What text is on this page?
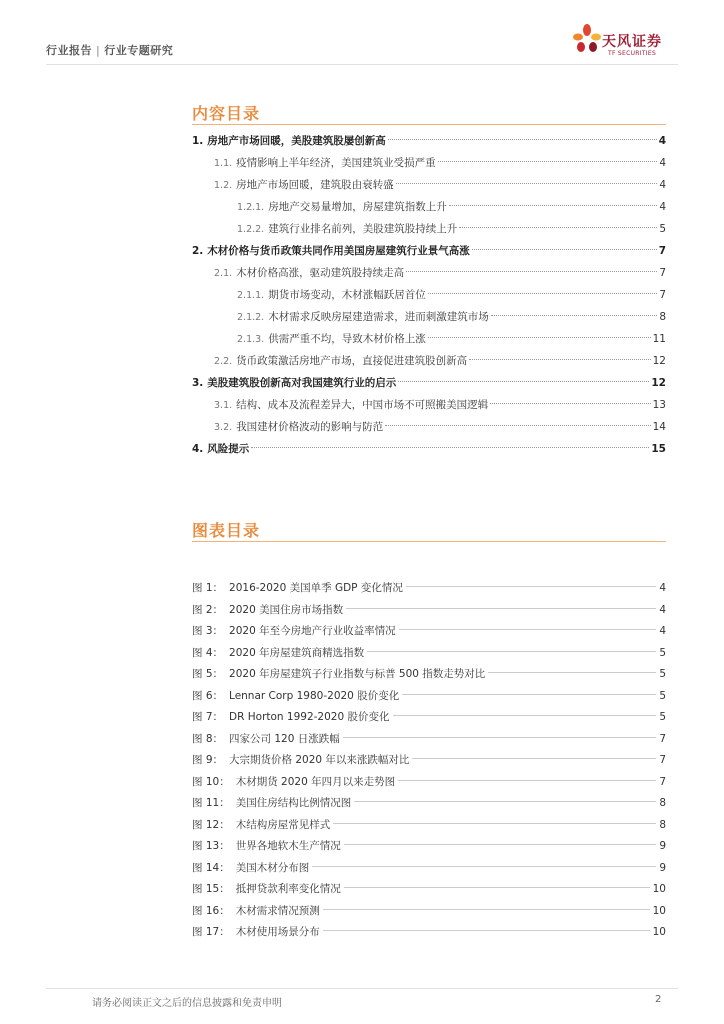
行业报告 | 行业专题研究
天风证券
TF SECURITIES
内容目录
1. 房地产市场回暖，美股建筑股屡创新高	4
1.1. 疫情影响上半年经济，美国建筑业受损严重	4
1.2. 房地产市场回暖，建筑股由衰转盛	4
1.2.1. 房地产交易量增加，房屋建筑指数上升	4
1.2.2. 建筑行业排名前列，美股建筑股持续上升	5
2. 木材价格与货币政策共同作用美国房屋建筑行业景气高涨	7
2.1. 木材价格高涨，驱动建筑股持续走高	7
2.1.1. 期货市场变动，木材涨幅跃居首位	7
2.1.2. 木材需求反映房屋建造需求，进而刺激建筑市场	8
2.1.3. 供需严重不均，导致木材价格上涨	11
2.2. 货币政策激活房地产市场，直接促进建筑股创新高	12
3. 美股建筑股创新高对我国建筑行业的启示	12
3.1. 结构、成本及流程差异大，中国市场不可照搬美国逻辑	13
3.2. 我国建材价格波动的影响与防范	14
4. 风险提示	15
图表目录
图 1： 2016-2020 美国单季 GDP 变化情况	4
图 2： 2020 美国住房市场指数	4
图 3： 2020 年至今房地产行业收益率情况	4
图 4： 2020 年房屋建筑商精选指数	5
图 5： 2020 年房屋建筑子行业指数与标普 500 指数走势对比	5
图 6： Lennar Corp 1980-2020 股价变化	5
图 7： DR Horton 1992-2020 股价变化	5
图 8： 四家公司 120 日涨跌幅	7
图 9： 大宗期货价格 2020 年以来涨跌幅对比	7
图 10： 木材期货 2020 年四月以来走势图	7
图 11： 美国住房结构比例情况图	8
图 12： 木结构房屋常见样式	8
图 13： 世界各地软木生产情况	9
图 14： 美国木材分布图	9
图 15： 抵押贷款利率变化情况	10
图 16： 木材需求情况预测	10
图 17： 木材使用场景分布	10
请务必阅读正文之后的信息披露和免责申明	2
